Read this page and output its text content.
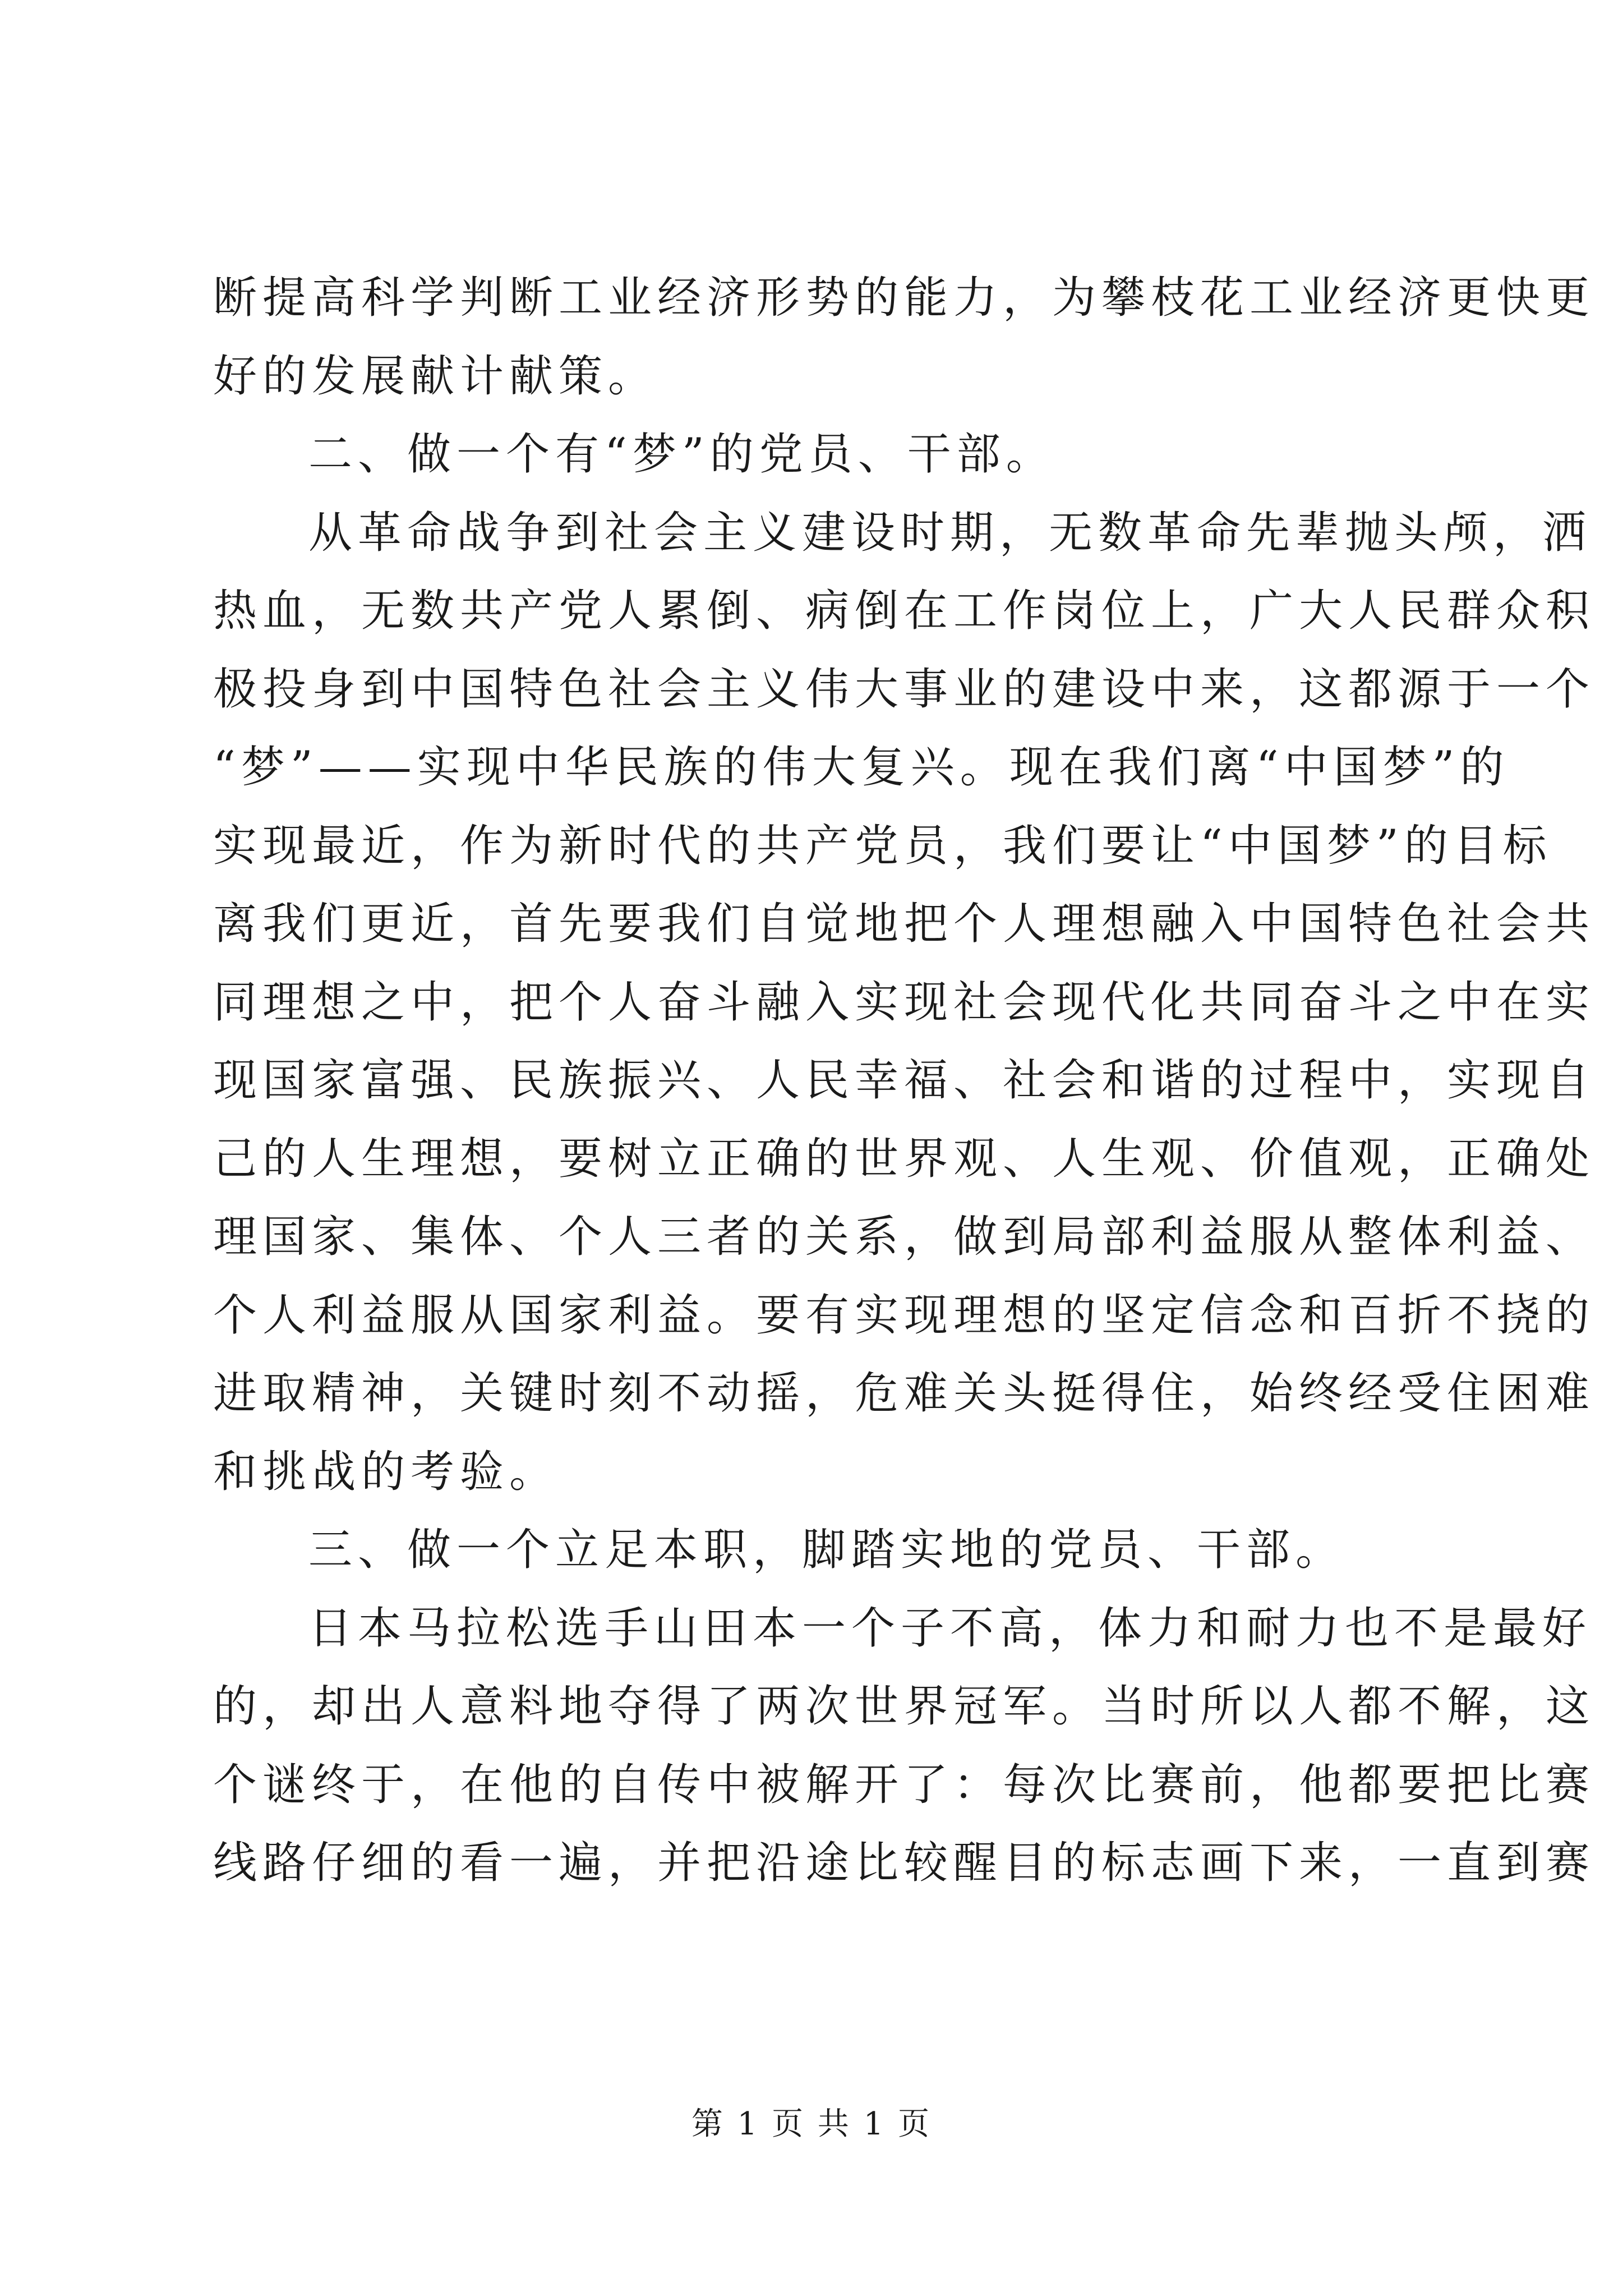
断提高科学判断工业经济形势的能力，为攀枝花工业经济更快更
好的发展献计献策。
二、做一个有“梦”的党员、干部。
从革命战争到社会主义建设时期，无数革命先辈抛头颅，洒
热血，无数共产党人累倒、病倒在工作岗位上，广大人民群众积
极投身到中国特色社会主义伟大事业的建设中来，这都源于一个
“梦”——实现中华民族的伟大复兴。现在我们离“中国梦”的
实现最近，作为新时代的共产党员，我们要让“中国梦”的目标
离我们更近，首先要我们自觉地把个人理想融入中国特色社会共
同理想之中，把个人奋斗融入实现社会现代化共同奋斗之中在实
现国家富强、民族振兴、人民幸福、社会和谐的过程中，实现自
己的人生理想，要树立正确的世界观、人生观、价值观，正确处
理国家、集体、个人三者的关系，做到局部利益服从整体利益、
个人利益服从国家利益。要有实现理想的坚定信念和百折不挠的
进取精神，关键时刻不动摇，危难关头挺得住，始终经受住困难
和挑战的考验。
三、做一个立足本职，脚踏实地的党员、干部。
日本马拉松选手山田本一个子不高，体力和耐力也不是最好
的，却出人意料地夺得了两次世界冠军。当时所以人都不解，这
个谜终于，在他的自传中被解开了：每次比赛前，他都要把比赛
线路仔细的看一遍，并把沿途比较醒目的标志画下来，一直到赛
第 1 页 共 1 页
